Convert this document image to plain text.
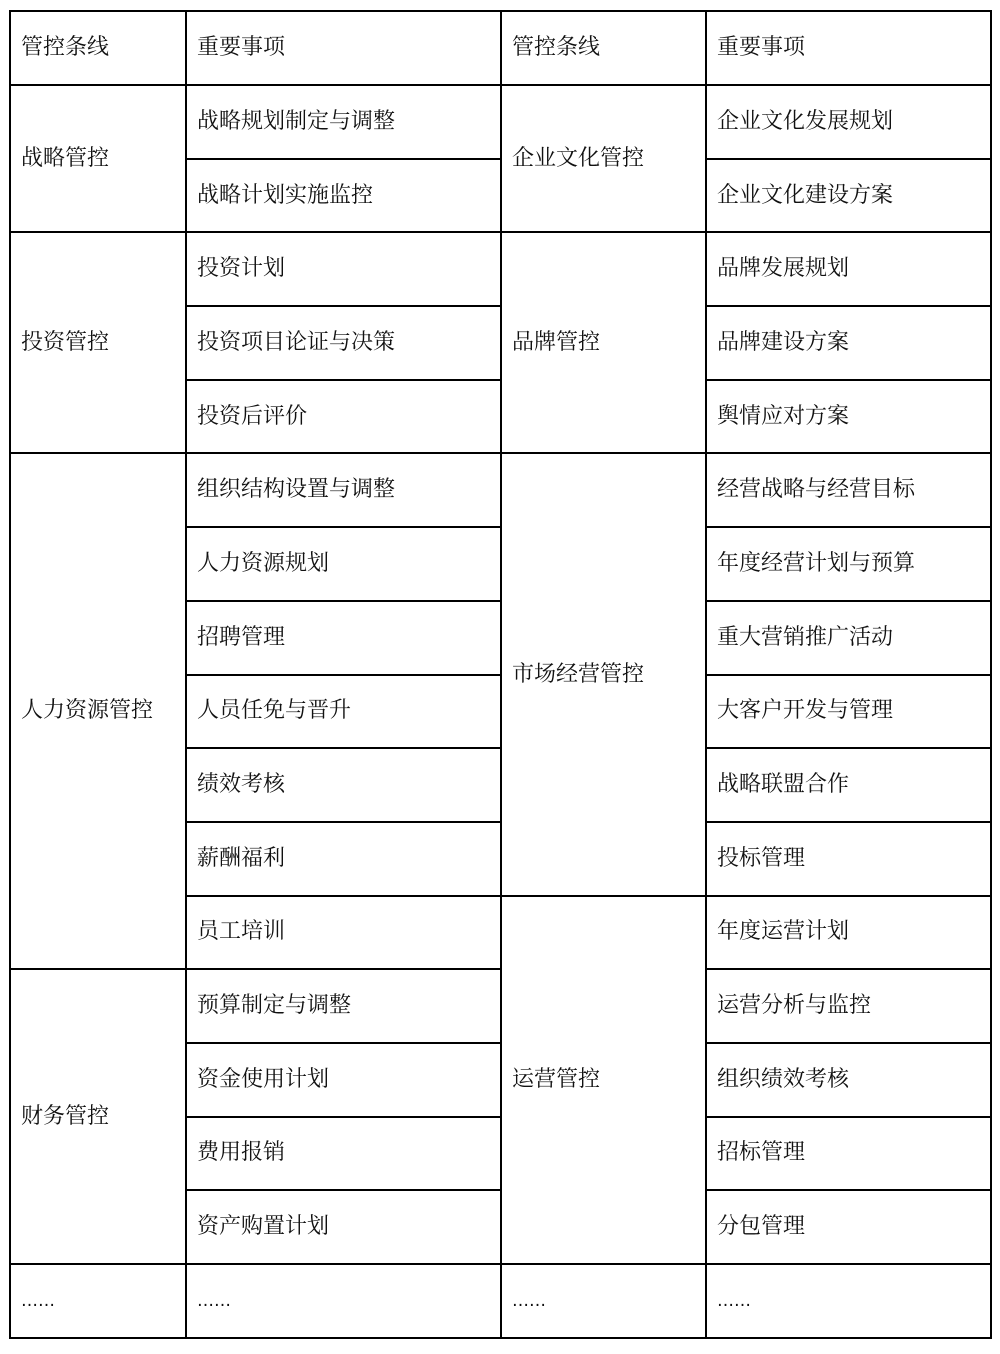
管控条线	重要事项	管控条线	重要事项
战略管控	战略规划制定与调整	企业文化管控	企业文化发展规划
	战略计划实施监控		企业文化建设方案
投资管控	投资计划	品牌管控	品牌发展规划
	投资项目论证与决策		品牌建设方案
	投资后评价		舆情应对方案
人力资源管控	组织结构设置与调整	市场经营管控	经营战略与经营目标
	人力资源规划		年度经营计划与预算
	招聘管理		重大营销推广活动
	人员任免与晋升		大客户开发与管理
	绩效考核		战略联盟合作
	薪酬福利		投标管理
	员工培训	运营管控	年度运营计划
财务管控	预算制定与调整		运营分析与监控
	资金使用计划		组织绩效考核
	费用报销		招标管理
	资产购置计划		分包管理
……	……	……	……
